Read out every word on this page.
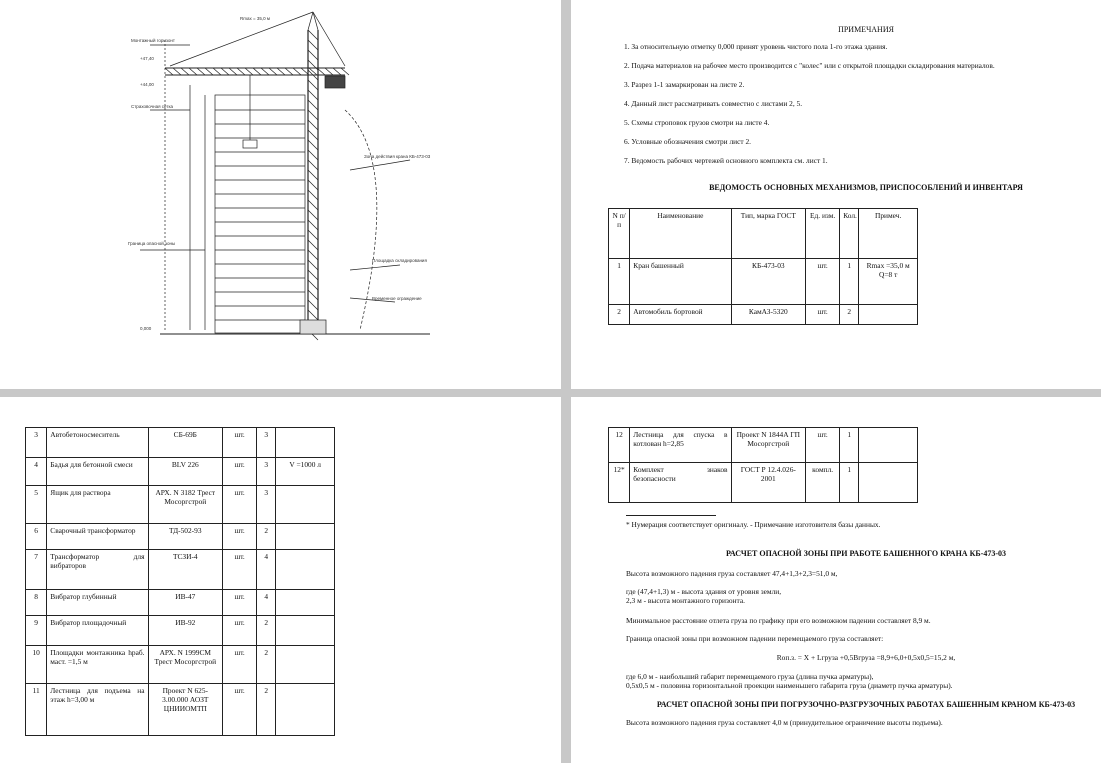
Монтажный горизонт
Страховочная сетка
Граница опасной зоны
Зона действия крана КБ-473-03
Площадка складирования
Временное ограждение
Rmax = 35,0 м
+47,40
+44,00
0,000
ПРИМЕЧАНИЯ
1. За относительную отметку 0,000 принят уровень чистого пола 1-го этажа здания.
2. Подача материалов на рабочее место производится с "колес" или с открытой площадки складирования материалов.
3. Разрез 1-1 замаркирован на листе 2.
4. Данный лист рассматривать совместно с листами 2, 5.
5. Схемы строповок грузов смотри на листе 4.
6. Условные обозначения смотри лист 2.
7. Ведомость рабочих чертежей основного комплекта см. лист 1.
ВЕДОМОСТЬ ОСНОВНЫХ МЕХАНИЗМОВ, ПРИСПОСОБЛЕНИЙ И ИНВЕНТАРЯ
N п/п	Наименование	Тип, марка ГОСТ	Ед. изм.	Кол.	Примеч.
1	Кран башенный	КБ-473-03	шт.	1	Rmax =35,0 м Q=8 т
2	Автомобиль бортовой	КамАЗ-5320	шт.	2	
3	Автобетоносмеситель	СБ-69Б	шт.	3	
4	Бадья для бетонной смеси	BLV 226	шт.	3	V =1000 л
5	Ящик для раствора	АРХ. N 3182 Трест Мосоргстрой	шт.	3	
6	Сварочный трансформатор	ТД-502-93	шт.	2	
7	Трансформатор для вибраторов	ТСЗИ-4	шт.	4	
8	Вибратор глубинный	ИВ-47	шт.	4	
9	Вибратор площадочный	ИВ-92	шт.	2	
10	Площадки монтажника hраб. маст. =1,5 м	АРХ. N 1999СМ Трест Мосоргстрой	шт.	2	
11	Лестница для подъема на этаж h=3,00 м	Проект N 625-3.00.000 АОЗТ ЦНИИОМТП	шт.	2	
12	Лестница для спуска в котлован h=2,85	Проект N 1844А ГП Мосоргстрой	шт.	1	
12*	Комплект знаков безопасности	ГОСТ Р 12.4.026-2001	компл.	1	
* Нумерация соответствует оригиналу. - Примечание изготовителя базы данных.
РАСЧЕТ ОПАСНОЙ ЗОНЫ ПРИ РАБОТЕ БАШЕННОГО КРАНА КБ-473-03
Высота возможного падения груза составляет 47,4+1,3+2,3=51,0 м,
где (47,4+1,3) м - высота здания от уровня земли,
2,3 м - высота монтажного горизонта.
Минимальное расстояние отлета груза по графику при его возможном падении составляет 8,9 м.
Граница опасной зоны при возможном падении перемещаемого груза составляет:
Rоп.з. = X + Lгруза +0,5Bгруза =8,9+6,0+0,5х0,5=15,2 м,
где 6,0 м - наибольший габарит перемещаемого груза (длина пучка арматуры),
0,5х0,5 м - половина горизонтальной проекции наименьшего габарита груза (диаметр пучка арматуры).
РАСЧЕТ ОПАСНОЙ ЗОНЫ ПРИ ПОГРУЗОЧНО-РАЗГРУЗОЧНЫХ РАБОТАХ БАШЕННЫМ КРАНОМ КБ-473-03
Высота возможного падения груза составляет 4,0 м (принудительное ограничение высоты подъема).
